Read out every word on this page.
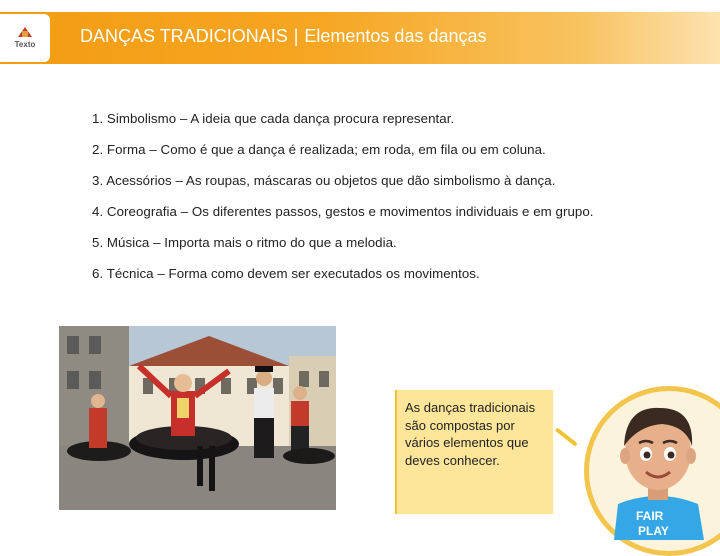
Texto DANÇAS TRADICIONAIS | Elementos das danças

1. Simbolismo – A ideia que cada dança procura representar.

2. Forma – Como é que a dança é realizada; em roda, em fila ou em coluna.

3. Acessórios – As roupas, máscaras ou objetos que dão simbolismo à dança.

4. Coreografia – Os diferentes passos, gestos e movimentos individuais e em grupo.

5. Música – Importa mais o ritmo do que a melodia.

6. Técnica – Forma como devem ser executados os movimentos.

As danças tradicionais são compostas por vários elementos que deves conhecer.
FAIR
PLAY
